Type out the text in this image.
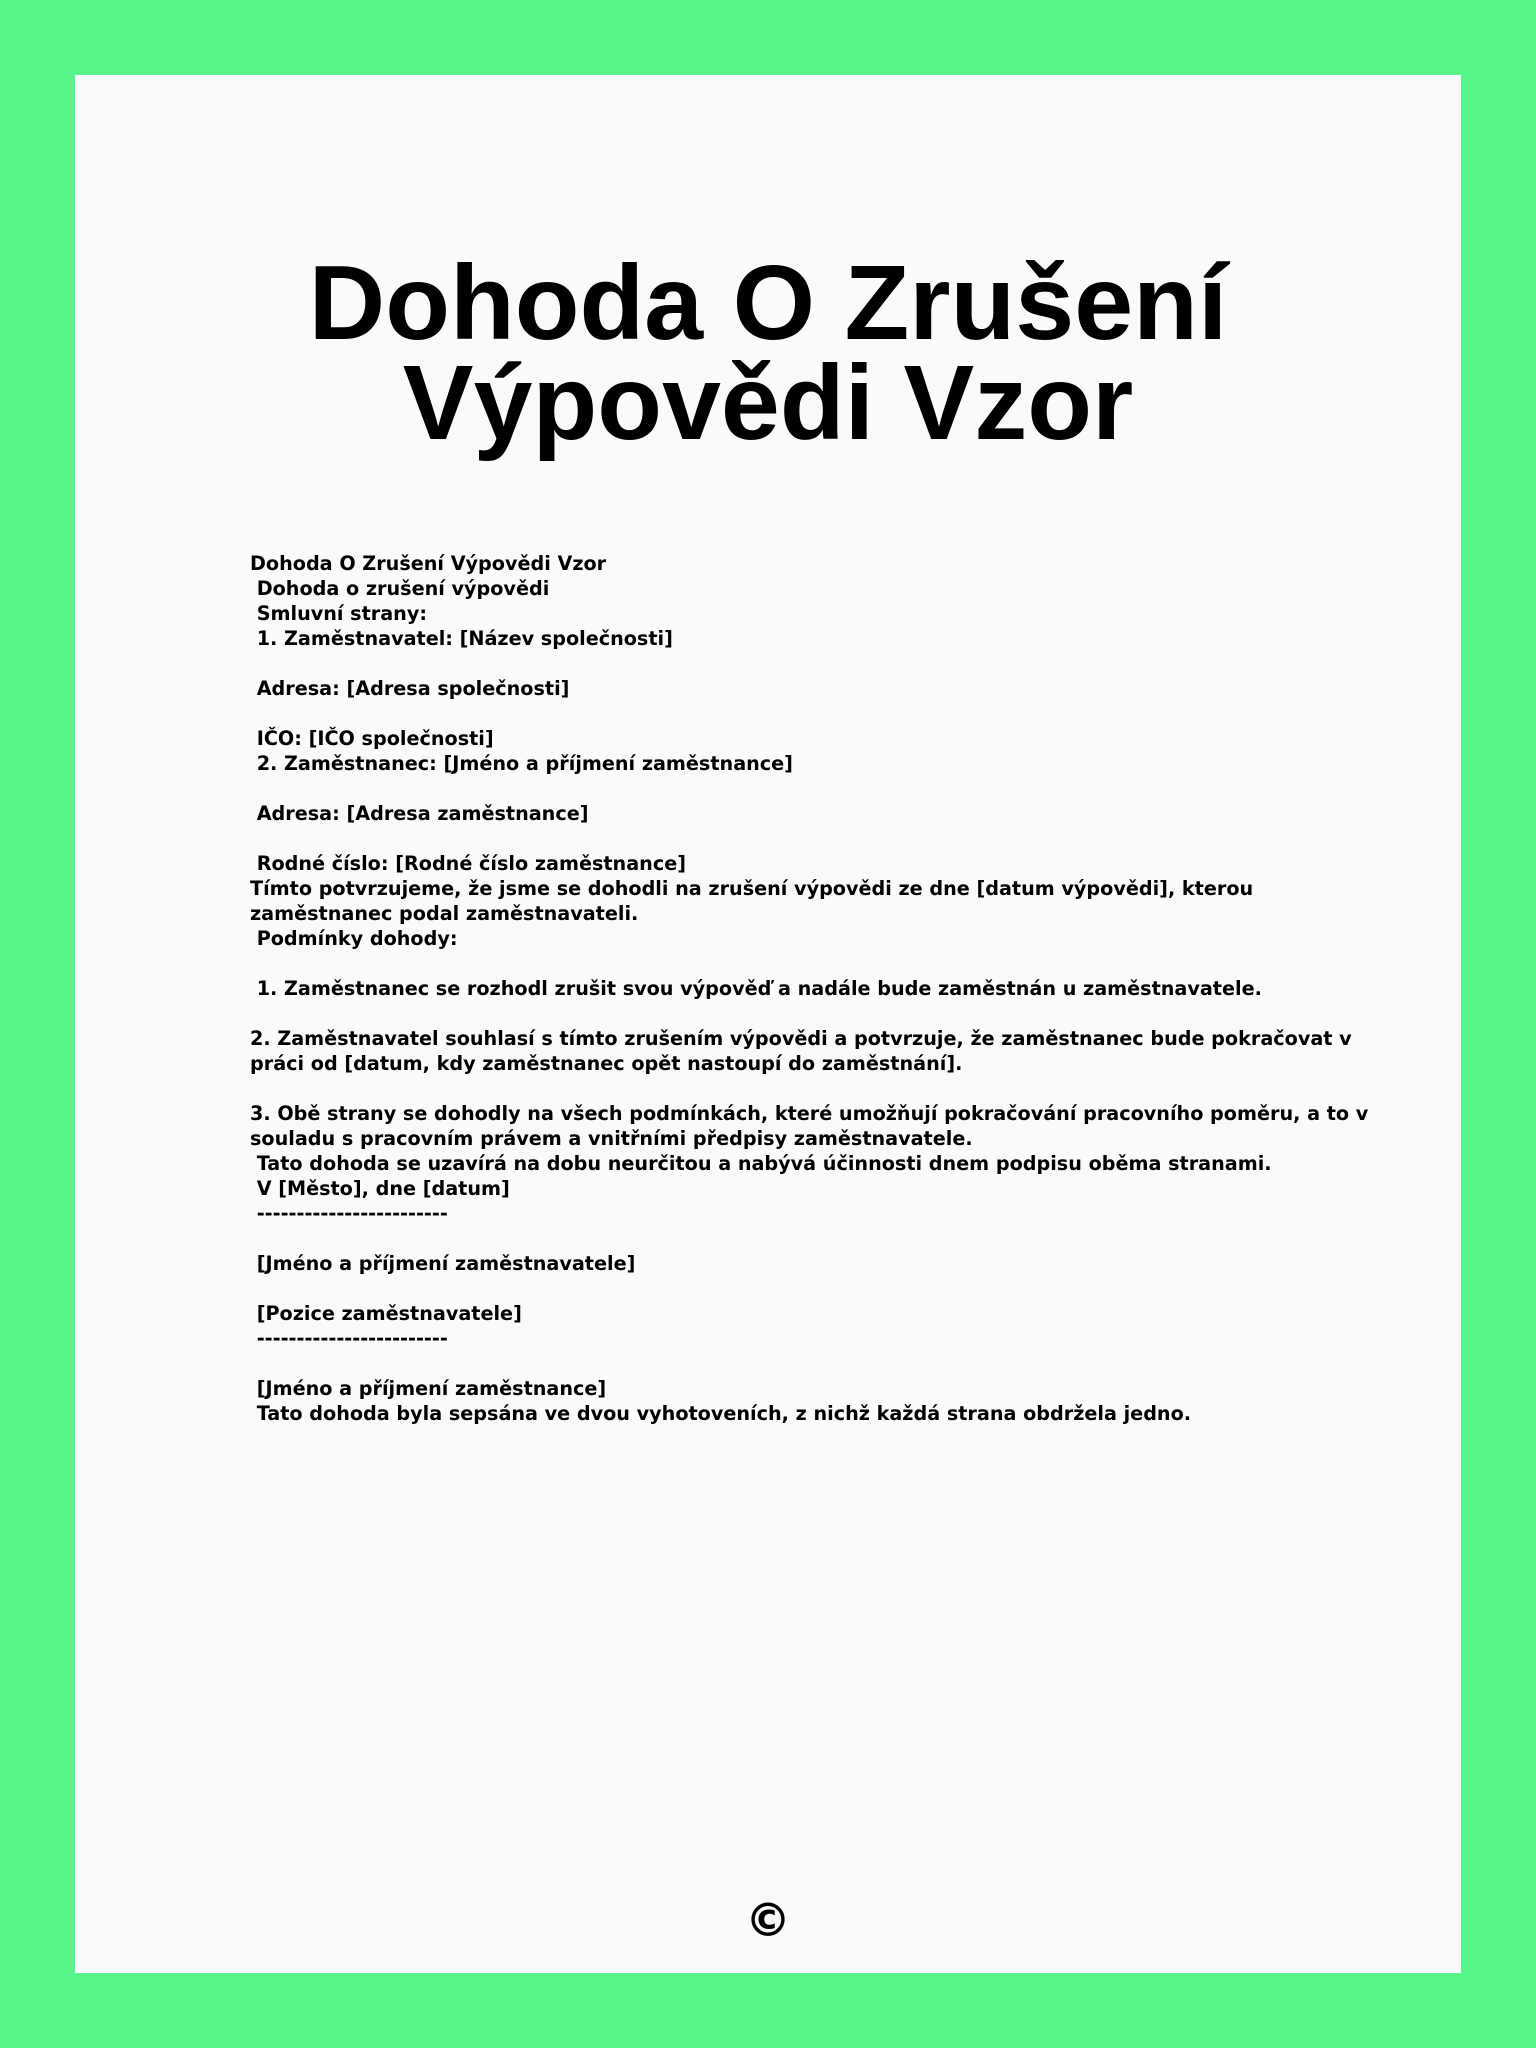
Dohoda O Zrušení Výpovědi Vzor
Dohoda O Zrušení Výpovědi Vzor
Dohoda o zrušení výpovědi
Smluvní strany:
1. Zaměstnavatel: [Název společnosti]
Adresa: [Adresa společnosti]
IČO: [IČO společnosti]
2. Zaměstnanec: [Jméno a příjmení zaměstnance]
Adresa: [Adresa zaměstnance]
Rodné číslo: [Rodné číslo zaměstnance]
Tímto potvrzujeme, že jsme se dohodli na zrušení výpovědi ze dne [datum výpovědi], kterou zaměstnanec podal zaměstnavateli.
Podmínky dohody:
1. Zaměstnanec se rozhodl zrušit svou výpověď a nadále bude zaměstnán u zaměstnavatele.
2. Zaměstnavatel souhlasí s tímto zrušením výpovědi a potvrzuje, že zaměstnanec bude pokračovat v práci od [datum, kdy zaměstnanec opět nastoupí do zaměstnání].
3. Obě strany se dohodly na všech podmínkách, které umožňují pokračování pracovního poměru, a to v souladu s pracovním právem a vnitřními předpisy zaměstnavatele.
Tato dohoda se uzavírá na dobu neurčitou a nabývá účinnosti dnem podpisu oběma stranami.
V [Město], dne [datum]
------------------------
[Jméno a příjmení zaměstnavatele]
[Pozice zaměstnavatele]
------------------------
[Jméno a příjmení zaměstnance]
Tato dohoda byla sepsána ve dvou vyhotoveních, z nichž každá strana obdržela jedno.
©
